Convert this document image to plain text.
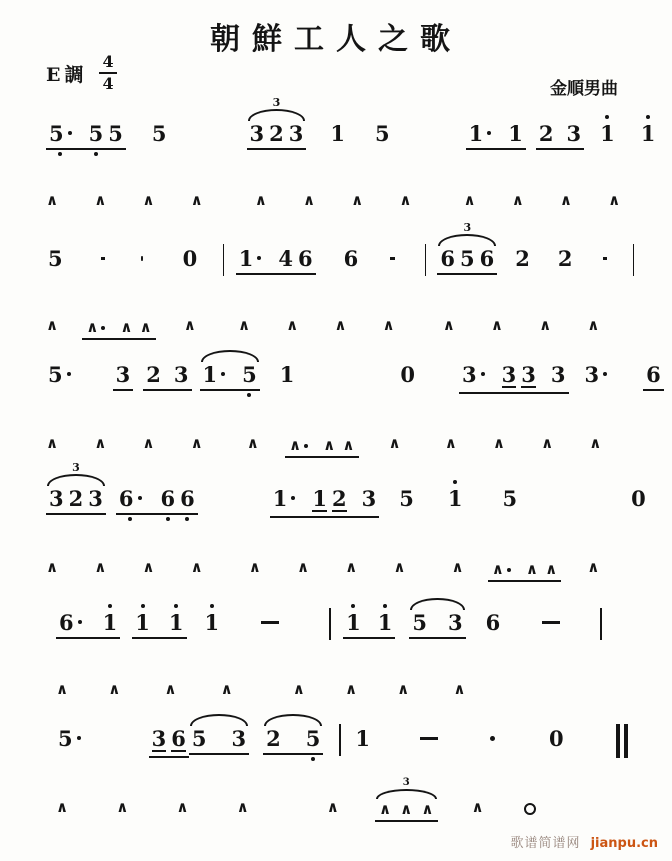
朝鮮工人之歌
E調 $\frac{4}{4}$	金順男曲
5 5 5 5
3
3 2 3 1 5	1 1 2 3 1 1
∧ ∧ ∧ ∧	∧ ∧ ∧ ∧	∧ ∧ ∧ ∧
5	0 1 4 6 6
3
6 5 6 2 2
∧ ∧ ∧ ∧ ∧	∧ ∧ ∧ ∧	∧ ∧ ∧ ∧
5	3 2 3 1 5 1	0 3 3 3 3 3 6
∧ ∧ ∧ ∧	∧ ∧ ∧ ∧ ∧	∧ ∧ ∧ ∧
3
3 2 3 6 6 6	1 1 2 3 5 1 5	0
∧ ∧ ∧ ∧	∧ ∧ ∧ ∧	∧ ∧ ∧ ∧ ∧
6 1 1 1 1	1 1 5 3 6
∧	∧	∧	∧	∧	∧	∧	∧
5	3 6 5 3 2 5 1	0
∧	∧	∧	∧	∧
3
∧ ∧ ∧	∧
歌谱简谱网 jianpu.cn
